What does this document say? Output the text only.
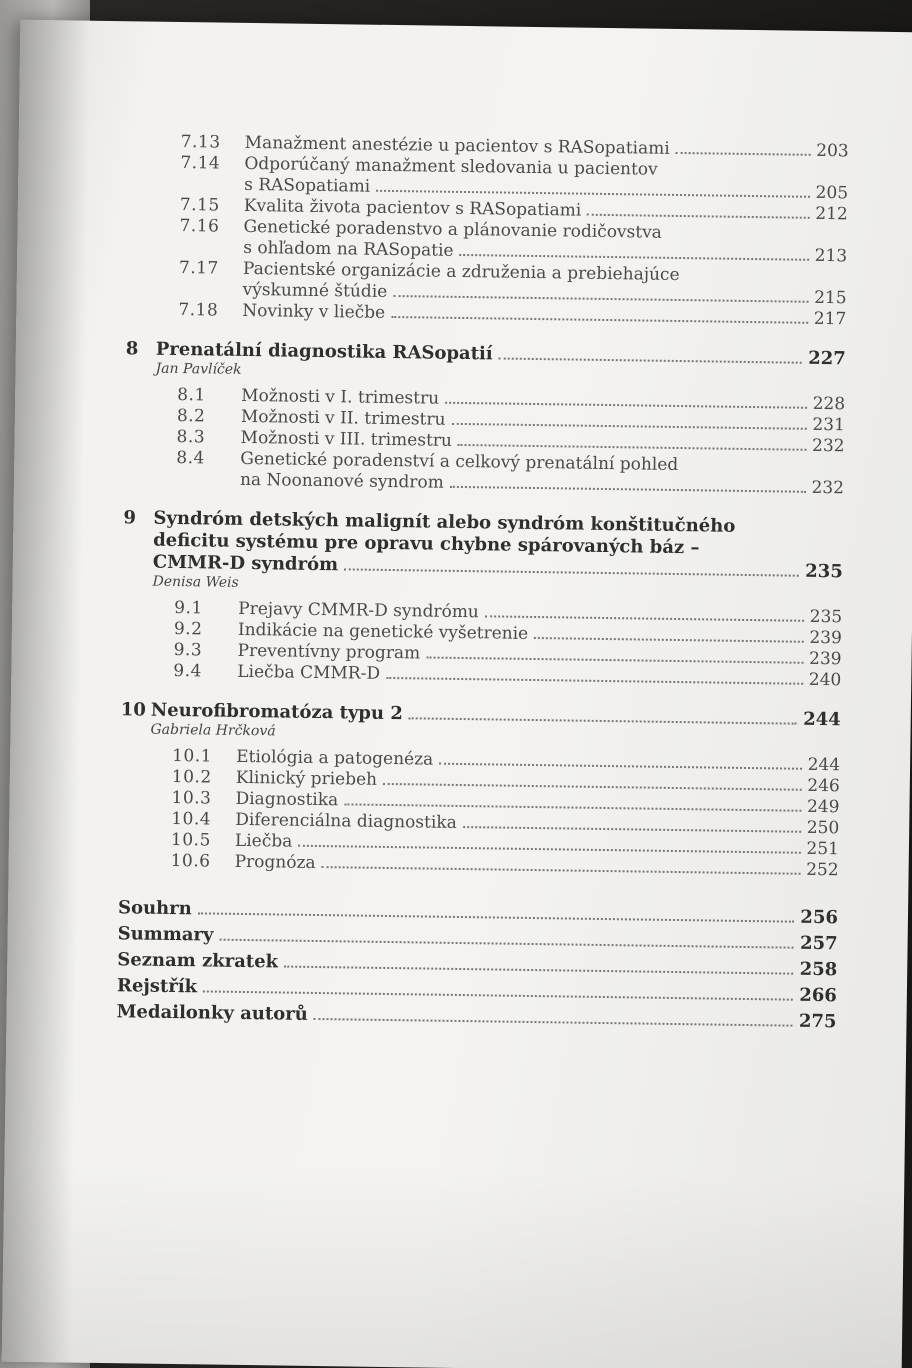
7.13	Manažment anestézie u pacientov s RASopatiami	203
7.14	Odporúčaný manažment sledovania u pacientov
s RASopatiami	205
7.15	Kvalita života pacientov s RASopatiami	212
7.16	Genetické poradenstvo a plánovanie rodičovstva
s ohľadom na RASopatie	213
7.17	Pacientské organizácie a združenia a prebiehajúce
výskumné štúdie	215
7.18	Novinky v liečbe	217
8 Prenatální diagnostika RASopatií	227
Jan Pavlíček
8.1	Možnosti v I. trimestru	228
8.2	Možnosti v II. trimestru	231
8.3	Možnosti v III. trimestru	232
8.4	Genetické poradenství a celkový prenatální pohled
na Noonanové syndrom	232
9 Syndróm detských malignít alebo syndróm konštitučného
deficitu systému pre opravu chybne spárovaných báz –
CMMR-D syndróm	235
Denisa Weis
9.1	Prejavy CMMR-D syndrómu	235
9.2	Indikácie na genetické vyšetrenie	239
9.3	Preventívny program	239
9.4	Liečba CMMR-D	240
10 Neurofibromatóza typu 2	244
Gabriela Hrčková
10.1	Etiológia a patogenéza	244
10.2	Klinický priebeh	246
10.3	Diagnostika	249
10.4	Diferenciálna diagnostika	250
10.5	Liečba	251
10.6	Prognóza	252
Souhrn	256
Summary	257
Seznam zkratek	258
Rejstřík	266
Medailonky autorů	275
